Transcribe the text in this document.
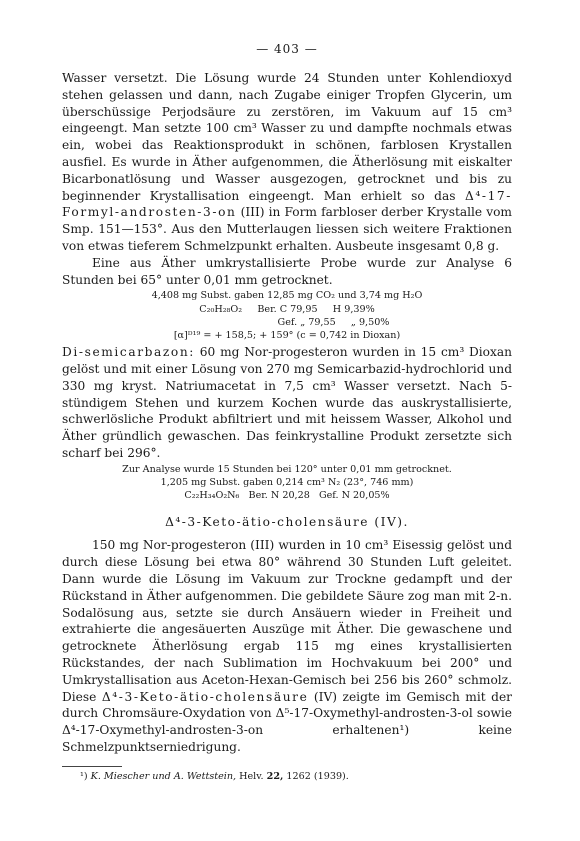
— 403 —

Wasser versetzt. Die Lösung wurde 24 Stunden unter Kohlendioxyd stehen gelassen und dann, nach Zugabe einiger Tropfen Glycerin, um überschüssige Perjodsäure zu zerstören, im Vakuum auf 15 cm³ eingeengt. Man setzte 100 cm³ Wasser zu und dampfte nochmals etwas ein, wobei das Reaktionsprodukt in schönen, farblosen Krystallen ausfiel. Es wurde in Äther aufgenommen, die Ätherlösung mit eiskalter Bicarbonatlösung und Wasser ausgezogen, getrocknet und bis zu beginnender Krystallisation eingeengt. Man erhielt so das Δ⁴-17-Formyl-androsten-3-on (III) in Form farbloser derber Krystalle vom Smp. 151—153°. Aus den Mutterlaugen liessen sich weitere Fraktionen von etwas tieferem Schmelzpunkt erhalten. Ausbeute insgesamt 0,8 g.

Eine aus Äther umkrystallisierte Probe wurde zur Analyse 6 Stunden bei 65° unter 0,01 mm getrocknet.

4,408 mg Subst. gaben 12,85 mg CO₂ und 3,74 mg H₂O
C₂₀H₂₈O₂     Ber. C 79,95     H 9,39%
Gef. „ 79,55     „ 9,50%
[α]ᴰ¹⁹ = + 158,5; + 159° (c = 0,742 in Dioxan)

Di-semicarbazon: 60 mg Nor-progesteron wurden in 15 cm³ Dioxan gelöst und mit einer Lösung von 270 mg Semicarbazid-hydrochlorid und 330 mg kryst. Natriumacetat in 7,5 cm³ Wasser versetzt. Nach 5-stündigem Stehen und kurzem Kochen wurde das auskrystallisierte, schwerlösliche Produkt abfiltriert und mit heissem Wasser, Alkohol und Äther gründlich gewaschen. Das feinkrystalline Produkt zersetzte sich scharf bei 296°.

Zur Analyse wurde 15 Stunden bei 120° unter 0,01 mm getrocknet.
1,205 mg Subst. gaben 0,214 cm³ N₂ (23°, 746 mm)
C₂₂H₃₄O₂N₆   Ber. N 20,28   Gef. N 20,05%
Δ⁴-3-Keto-ätio-cholensäure (IV).

150 mg Nor-progesteron (III) wurden in 10 cm³ Eisessig gelöst und durch diese Lösung bei etwa 80° während 30 Stunden Luft geleitet. Dann wurde die Lösung im Vakuum zur Trockne gedampft und der Rückstand in Äther aufgenommen. Die gebildete Säure zog man mit 2-n. Sodalösung aus, setzte sie durch Ansäuern wieder in Freiheit und extrahierte die angesäuerten Auszüge mit Äther. Die gewaschene und getrocknete Ätherlösung ergab 115 mg eines krystallisierten Rückstandes, der nach Sublimation im Hochvakuum bei 200° und Umkrystallisation aus Aceton-Hexan-Gemisch bei 256 bis 260° schmolz. Diese Δ⁴-3-Keto-ätio-cholensäure (IV) zeigte im Gemisch mit der durch Chromsäure-Oxydation von Δ⁵-17-Oxymethyl-androsten-3-ol sowie Δ⁴-17-Oxymethyl-androsten-3-on erhaltenen¹) keine Schmelzpunktserniedrigung.

¹) K. Miescher und A. Wettstein, Helv. 22, 1262 (1939).
